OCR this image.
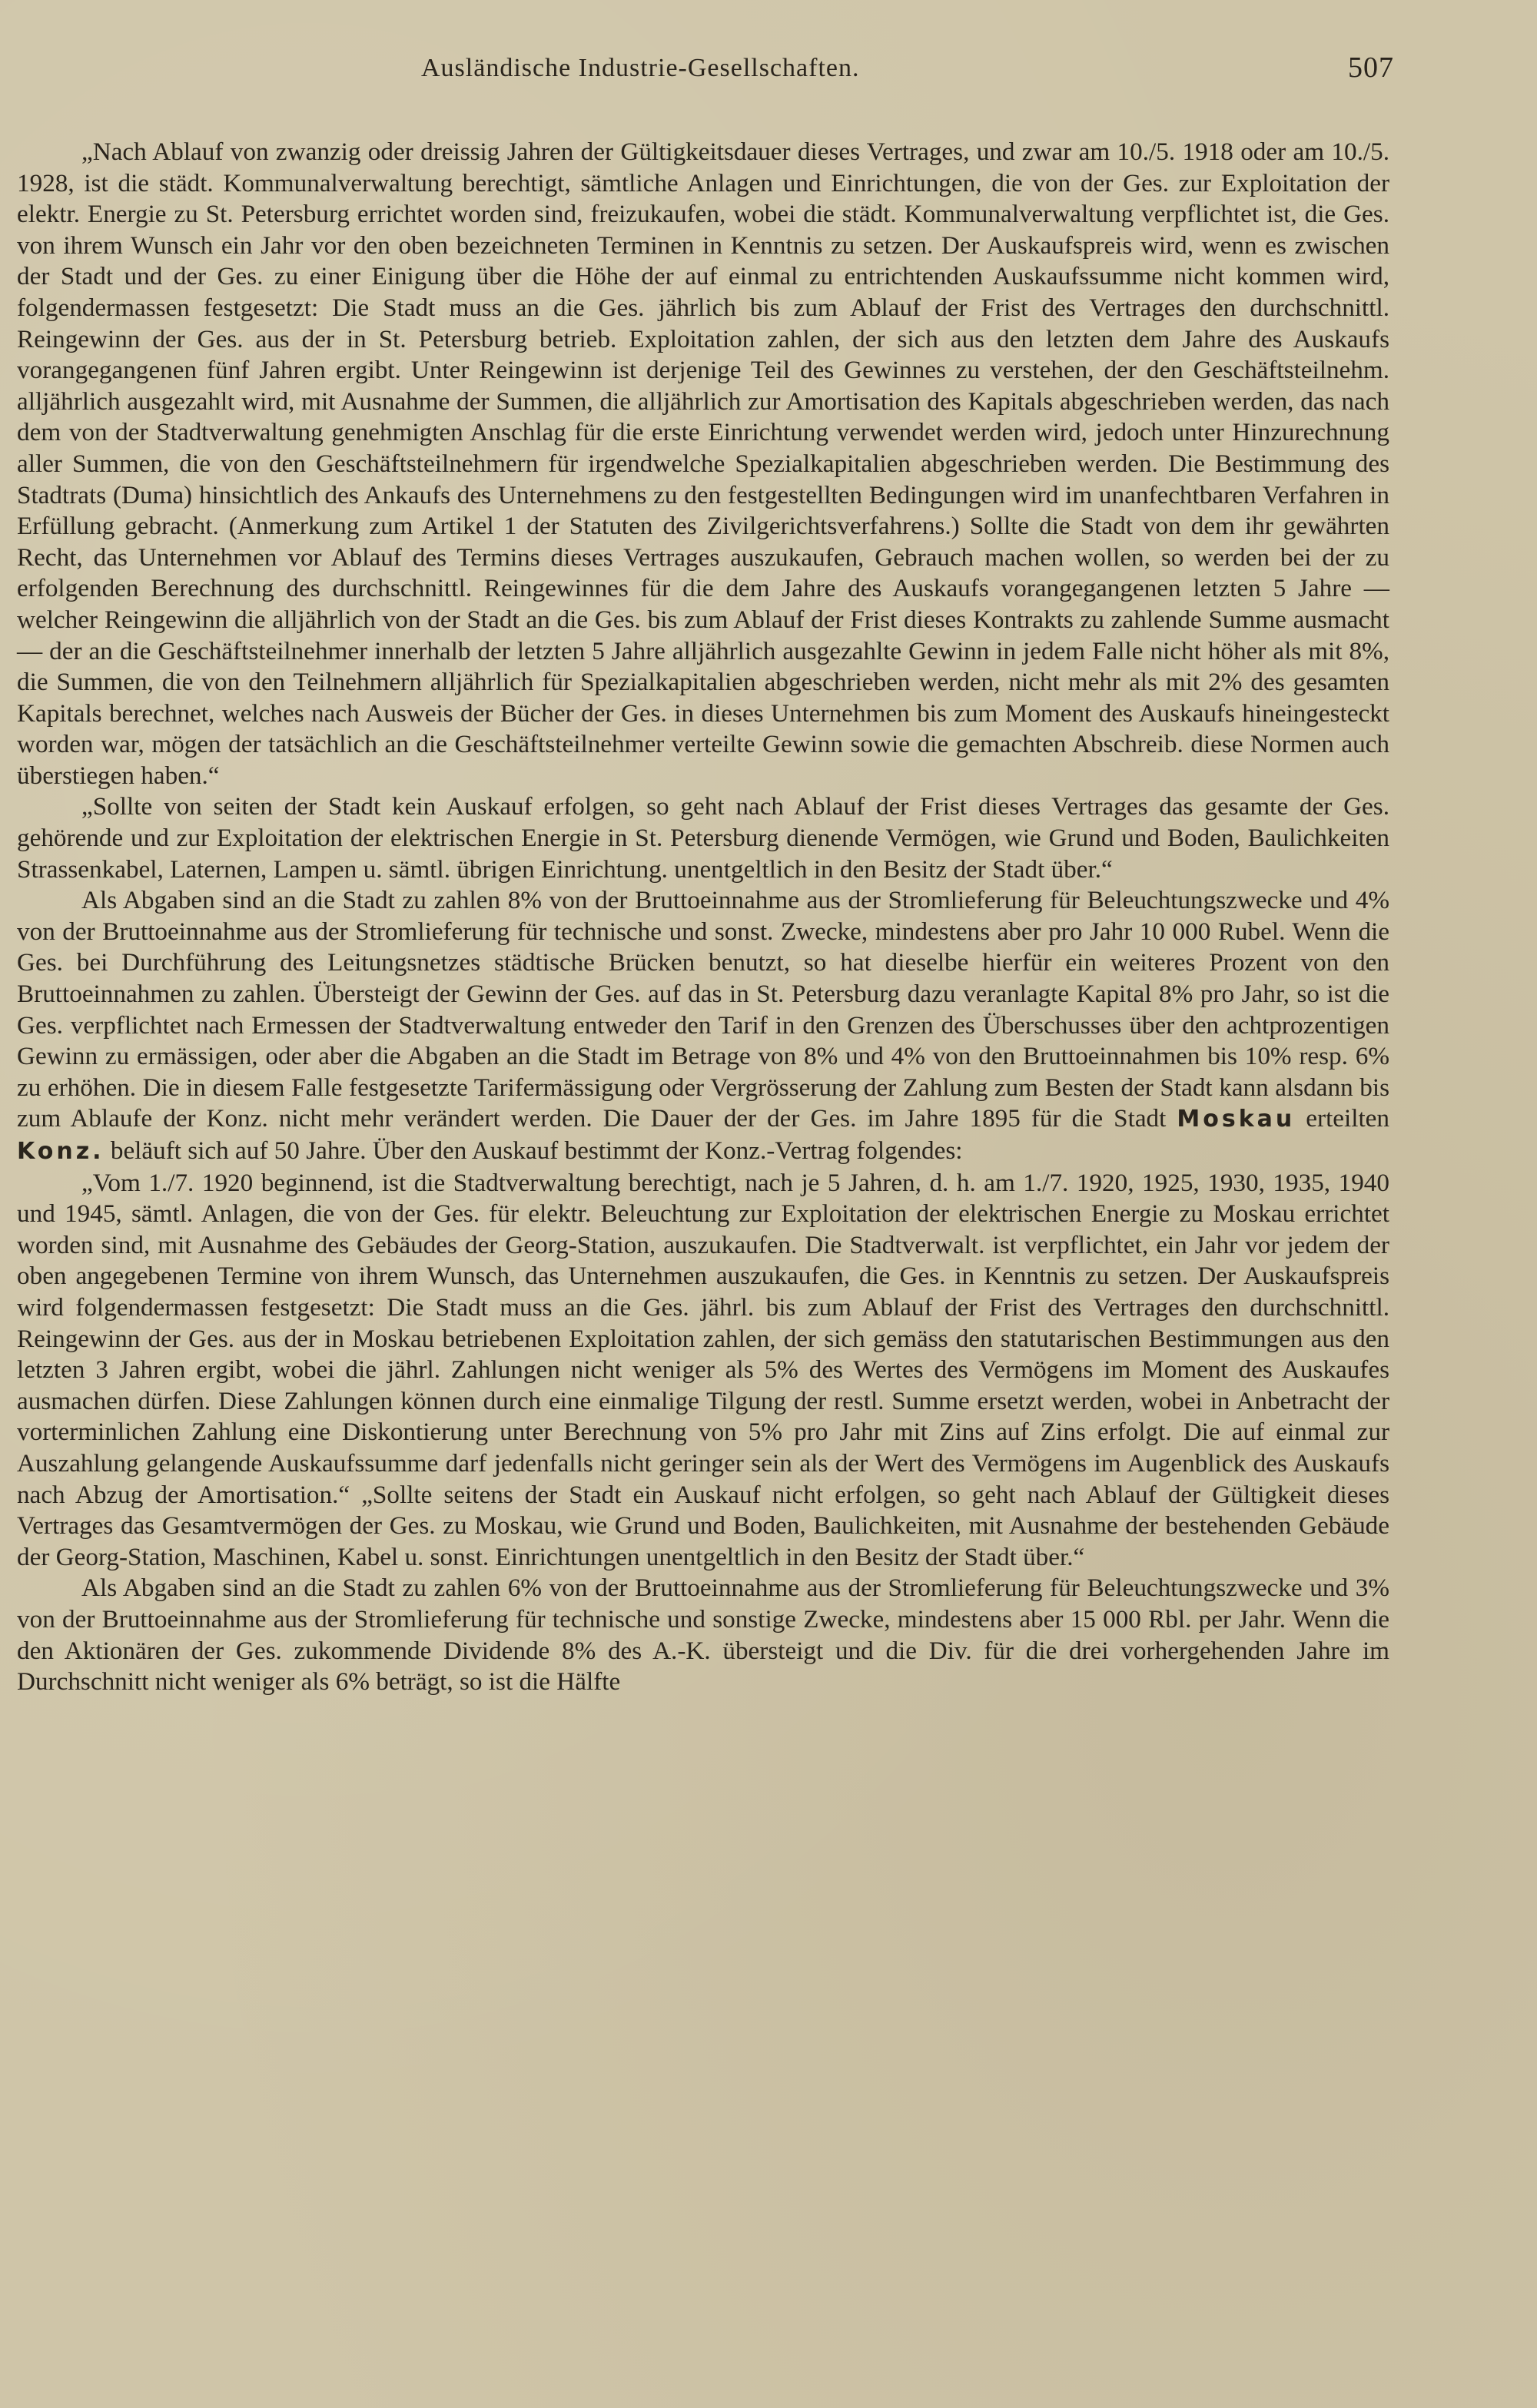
Ausländische Industrie-Gesellschaften.	507

„Nach Ablauf von zwanzig oder dreissig Jahren der Gültigkeitsdauer dieses Vertrages, und zwar am 10./5. 1918 oder am 10./5. 1928, ist die städt. Kommunalverwaltung berechtigt, sämtliche Anlagen und Einrichtungen, die von der Ges. zur Exploitation der elektr. Energie zu St. Petersburg errichtet worden sind, freizukaufen, wobei die städt. Kommunalverwaltung verpflichtet ist, die Ges. von ihrem Wunsch ein Jahr vor den oben bezeichneten Terminen in Kenntnis zu setzen. Der Auskaufspreis wird, wenn es zwischen der Stadt und der Ges. zu einer Einigung über die Höhe der auf einmal zu entrichtenden Auskaufssumme nicht kommen wird, folgendermassen festgesetzt: Die Stadt muss an die Ges. jährlich bis zum Ablauf der Frist des Vertrages den durchschnittl. Reingewinn der Ges. aus der in St. Petersburg betrieb. Exploitation zahlen, der sich aus den letzten dem Jahre des Auskaufs vorangegangenen fünf Jahren ergibt. Unter Reingewinn ist derjenige Teil des Gewinnes zu verstehen, der den Geschäftsteilnehm. alljährlich ausgezahlt wird, mit Ausnahme der Summen, die alljährlich zur Amortisation des Kapitals abgeschrieben werden, das nach dem von der Stadtverwaltung genehmigten Anschlag für die erste Einrichtung verwendet werden wird, jedoch unter Hinzurechnung aller Summen, die von den Geschäftsteilnehmern für irgendwelche Spezialkapitalien abgeschrieben werden. Die Bestimmung des Stadtrats (Duma) hinsichtlich des Ankaufs des Unternehmens zu den festgestellten Bedingungen wird im unanfechtbaren Verfahren in Erfüllung gebracht. (Anmerkung zum Artikel 1 der Statuten des Zivilgerichtsverfahrens.) Sollte die Stadt von dem ihr gewährten Recht, das Unternehmen vor Ablauf des Termins dieses Vertrages auszukaufen, Gebrauch machen wollen, so werden bei der zu erfolgenden Berechnung des durchschnittl. Reingewinnes für die dem Jahre des Auskaufs vorangegangenen letzten 5 Jahre — welcher Reingewinn die alljährlich von der Stadt an die Ges. bis zum Ablauf der Frist dieses Kontrakts zu zahlende Summe ausmacht — der an die Geschäftsteilnehmer innerhalb der letzten 5 Jahre alljährlich ausgezahlte Gewinn in jedem Falle nicht höher als mit 8%, die Summen, die von den Teilnehmern alljährlich für Spezialkapitalien abgeschrieben werden, nicht mehr als mit 2% des gesamten Kapitals berechnet, welches nach Ausweis der Bücher der Ges. in dieses Unternehmen bis zum Moment des Auskaufs hineingesteckt worden war, mögen der tatsächlich an die Geschäftsteilnehmer verteilte Gewinn sowie die gemachten Abschreib. diese Normen auch überstiegen haben.“

„Sollte von seiten der Stadt kein Auskauf erfolgen, so geht nach Ablauf der Frist dieses Vertrages das gesamte der Ges. gehörende und zur Exploitation der elektrischen Energie in St. Petersburg dienende Vermögen, wie Grund und Boden, Baulichkeiten Strassenkabel, Laternen, Lampen u. sämtl. übrigen Einrichtung. unentgeltlich in den Besitz der Stadt über.“

Als Abgaben sind an die Stadt zu zahlen 8% von der Bruttoeinnahme aus der Stromlieferung für Beleuchtungszwecke und 4% von der Bruttoeinnahme aus der Stromlieferung für technische und sonst. Zwecke, mindestens aber pro Jahr 10 000 Rubel. Wenn die Ges. bei Durchführung des Leitungsnetzes städtische Brücken benutzt, so hat dieselbe hierfür ein weiteres Prozent von den Bruttoeinnahmen zu zahlen. Übersteigt der Gewinn der Ges. auf das in St. Petersburg dazu veranlagte Kapital 8% pro Jahr, so ist die Ges. verpflichtet nach Ermessen der Stadtverwaltung entweder den Tarif in den Grenzen des Überschusses über den achtprozentigen Gewinn zu ermässigen, oder aber die Abgaben an die Stadt im Betrage von 8% und 4% von den Bruttoeinnahmen bis 10% resp. 6% zu erhöhen. Die in diesem Falle festgesetzte Tarifermässigung oder Vergrösserung der Zahlung zum Besten der Stadt kann alsdann bis zum Ablaufe der Konz. nicht mehr verändert werden. Die Dauer der der Ges. im Jahre 1895 für die Stadt Moskau erteilten Konz. beläuft sich auf 50 Jahre. Über den Auskauf bestimmt der Konz.-Vertrag folgendes:

„Vom 1./7. 1920 beginnend, ist die Stadtverwaltung berechtigt, nach je 5 Jahren, d. h. am 1./7. 1920, 1925, 1930, 1935, 1940 und 1945, sämtl. Anlagen, die von der Ges. für elektr. Beleuchtung zur Exploitation der elektrischen Energie zu Moskau errichtet worden sind, mit Ausnahme des Gebäudes der Georg-Station, auszukaufen. Die Stadtverwalt. ist verpflichtet, ein Jahr vor jedem der oben angegebenen Termine von ihrem Wunsch, das Unternehmen auszukaufen, die Ges. in Kenntnis zu setzen. Der Auskaufspreis wird folgendermassen festgesetzt: Die Stadt muss an die Ges. jährl. bis zum Ablauf der Frist des Vertrages den durchschnittl. Reingewinn der Ges. aus der in Moskau betriebenen Exploitation zahlen, der sich gemäss den statutarischen Bestimmungen aus den letzten 3 Jahren ergibt, wobei die jährl. Zahlungen nicht weniger als 5% des Wertes des Vermögens im Moment des Auskaufes ausmachen dürfen. Diese Zahlungen können durch eine einmalige Tilgung der restl. Summe ersetzt werden, wobei in Anbetracht der vorterminlichen Zahlung eine Diskontierung unter Berechnung von 5% pro Jahr mit Zins auf Zins erfolgt. Die auf einmal zur Auszahlung gelangende Auskaufssumme darf jedenfalls nicht geringer sein als der Wert des Vermögens im Augenblick des Auskaufs nach Abzug der Amortisation.“ „Sollte seitens der Stadt ein Auskauf nicht erfolgen, so geht nach Ablauf der Gültigkeit dieses Vertrages das Gesamtvermögen der Ges. zu Moskau, wie Grund und Boden, Baulichkeiten, mit Ausnahme der bestehenden Gebäude der Georg-Station, Maschinen, Kabel u. sonst. Einrichtungen unentgeltlich in den Besitz der Stadt über.“

Als Abgaben sind an die Stadt zu zahlen 6% von der Bruttoeinnahme aus der Stromlieferung für Beleuchtungszwecke und 3% von der Bruttoeinnahme aus der Stromlieferung für technische und sonstige Zwecke, mindestens aber 15 000 Rbl. per Jahr. Wenn die den Aktionären der Ges. zukommende Dividende 8% des A.-K. übersteigt und die Div. für die drei vorhergehenden Jahre im Durchschnitt nicht weniger als 6% beträgt, so ist die Hälfte
